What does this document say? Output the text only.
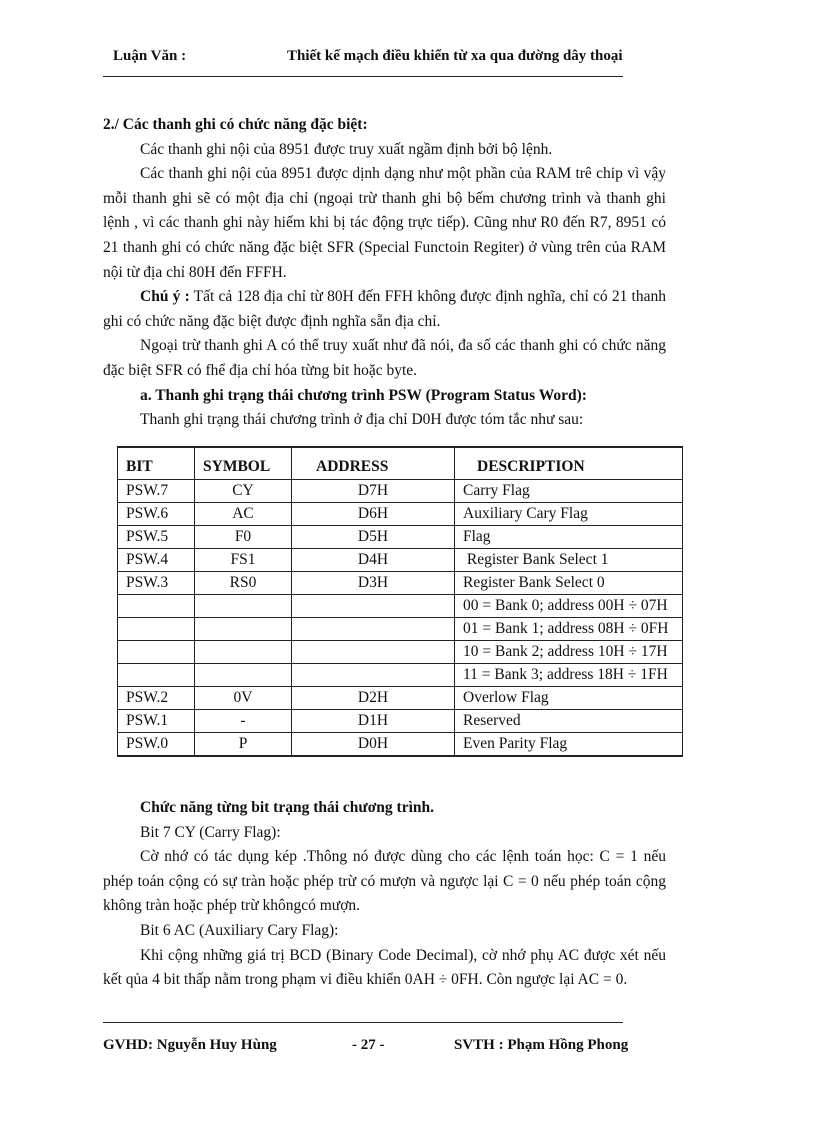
Luận Văn :	Thiết kế mạch điều khiển từ xa qua đường dây thoại

2./ Các thanh ghi có chức năng đặc biệt:

Các thanh ghi nội của 8951 được truy xuất ngầm định bởi bộ lệnh.

Các thanh ghi nội của 8951 được dịnh dạng như một phần của RAM trê chip vì vậy mỗi thanh ghi sẽ có một địa chỉ (ngoại trừ thanh ghi bộ bếm chương trình và thanh ghi lệnh , vì các thanh ghi này hiếm khi bị tác động trực tiếp). Cũng như R0 đến R7, 8951 có 21 thanh ghi có chức năng đặc biệt SFR (Special Functoin Regiter) ở vùng trên của RAM nội từ địa chỉ 80H đến FFFH.

Chú ý : Tất cả 128 địa chỉ từ 80H đến FFH không được định nghĩa, chỉ có 21 thanh ghi có chức năng đặc biệt được định nghĩa sẵn địa chỉ.

Ngoại trừ thanh ghi A có thể truy xuất như đã nói, đa số các thanh ghi có chức năng đặc biệt SFR có fhể địa chỉ hóa từng bit hoặc byte.

a. Thanh ghi trạng thái chương trình PSW (Program Status Word):

Thanh ghi trạng thái chương trình ở địa chỉ D0H được tóm tắc như sau:

BIT	SYMBOL	ADDRESS	DESCRIPTION
PSW.7	CY	D7H	Carry Flag
PSW.6	AC	D6H	Auxiliary Cary Flag
PSW.5	F0	D5H	Flag
PSW.4	FS1	D4H	Register Bank Select 1
PSW.3	RS0	D3H	Register Bank Select 0
			00 = Bank 0; address 00H ÷ 07H
			01 = Bank 1; address 08H ÷ 0FH
			10 = Bank 2; address 10H ÷ 17H
			11 = Bank 3; address 18H ÷ 1FH
PSW.2	0V	D2H	Overlow Flag
PSW.1	-	D1H	Reserved
PSW.0	P	D0H	Even Parity Flag

Chức năng từng bit trạng thái chương trình.

Bit 7 CY (Carry Flag):

Cờ nhớ có tác dụng kép .Thông nó được dùng cho các lệnh toán học: C = 1 nếu phép toán cộng có sự tràn hoặc phép trừ có mượn và ngược lại C = 0 nếu phép toán cộng không tràn hoặc phép trừ khôngcó mượn.

Bit 6 AC (Auxiliary Cary Flag):

Khi cộng những giá trị BCD (Binary Code Decimal), cờ nhớ phụ AC được xét nếu kết qủa 4 bit thấp nằm trong phạm vi điều khiển 0AH ÷ 0FH. Còn ngược lại AC = 0.

GVHD: Nguyễn Huy Hùng	- 27 -	SVTH : Phạm Hồng Phong
